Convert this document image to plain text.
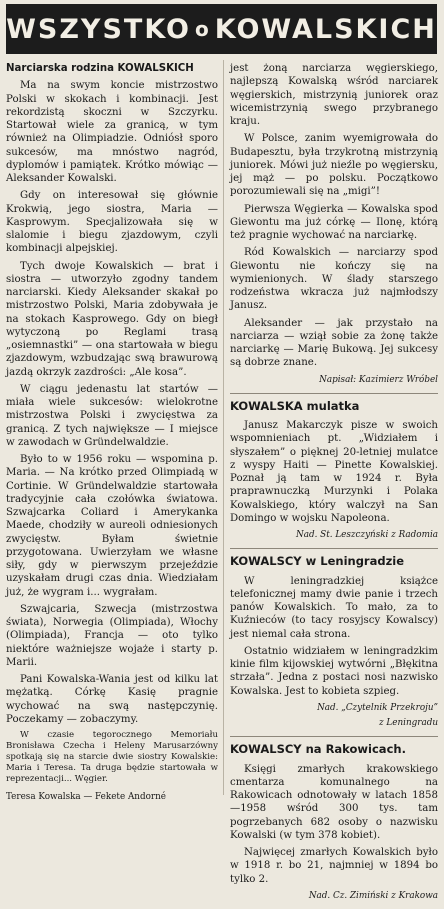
WSZYSTKO o KOWALSKICH
Narciarska rodzina KOWALSKICH

Ma na swym koncie mistrzostwo Polski w skokach i kombinacji. Jest rekordzistą skoczni w Szczyrku. Startował wiele za granicą, w tym również na Olimpiadzie. Odniósł sporo sukcesów, ma mnóstwo nagród, dyplomów i pamiątek. Krótko mówiąc — Aleksander Kowalski.

Gdy on interesował się głównie Krokwią, jego siostra, Maria — Kasprowym. Specjalizowała się w slalomie i biegu zjazdowym, czyli kombinacji alpejskiej.

Tych dwoje Kowalskich — brat i siostra — utworzyło zgodny tandem narciarski. Kiedy Aleksander skakał po mistrzostwo Polski, Maria zdobywała je na stokach Kasprowego. Gdy on biegł wytyczoną po Reglami trasą „osiemnastki” — ona startowała w biegu zjazdowym, wzbudzając swą brawurową jazdą okrzyk zazdrości: „Ale kosa”.

W ciągu jedenastu lat startów — miała wiele sukcesów: wielokrotne mistrzostwa Polski i zwycięstwa za granicą. Z tych największe — I miejsce w zawodach w Gründelwaldzie.

Było to w 1956 roku — wspomina p. Maria. — Na krótko przed Olimpiadą w Cortinie. W Gründelwaldzie startowała tradycyjnie cała czołówka światowa. Szwajcarka Coliard i Amerykanka Maede, chodziły w aureoli odniesionych zwycięstw. Byłam świetnie przygotowana. Uwierzyłam we własne siły, gdy w pierwszym przejeździe uzyskałam drugi czas dnia. Wiedziałam już, że wygram i... wygrałam.

Szwajcaria, Szwecja (mistrzostwa świata), Norwegia (Olimpiada), Włochy (Olimpiada), Francja — oto tylko niektóre ważniejsze wojaże i starty p. Marii.

Pani Kowalska-Wania jest od kilku lat mężatką. Córkę Kasię pragnie wychować na swą następczynię. Poczekamy — zobaczymy.

W czasie tegorocznego Memoriału Bronisława Czecha i Heleny Marusarzówny spotkają się na starcie dwie siostry Kowalskie: Maria i Teresa. Ta druga będzie startowała w reprezentacji... Węgier.

Teresa Kowalska — Fekete Andorné

jest żoną narciarza węgierskiego, najlepszą Kowalską wśród narciarek węgierskich, mistrzynią juniorek oraz wicemistrzynią swego przybranego kraju.

W Polsce, zanim wyemigrowała do Budapesztu, była trzykrotną mistrzynią juniorek. Mówi już nieźle po węgiersku, jej mąż — po polsku. Początkowo porozumiewali się na „migi”!

Pierwsza Węgierka — Kowalska spod Giewontu ma już córkę — Ilonę, którą też pragnie wychować na narciarkę.

Ród Kowalskich — narciarzy spod Giewontu nie kończy się na wymienionych. W ślady starszego rodzeństwa wkracza już najmłodszy Janusz.

Aleksander — jak przystało na narciarza — wziął sobie za żonę także narciarkę — Marię Bukową. Jej sukcesy są dobrze znane.

Napisał: Kazimierz Wróbel

KOWALSKA mulatka

Janusz Makarczyk pisze w swoich wspomnieniach pt. „Widziałem i słyszałem” o pięknej 20-letniej mulatce z wyspy Haiti — Pinette Kowalskiej. Poznał ją tam w 1924 r. Była praprawnuczką Murzynki i Polaka Kowalskiego, który walczył na San Domingo w wojsku Napoleona.

Nad. St. Leszczyński z Radomia

KOWALSCY w Leningradzie

W leningradzkiej książce telefonicznej mamy dwie panie i trzech panów Kowalskich. To mało, za to Kuźnieców (to tacy rosyjscy Kowalscy) jest niemal cała strona.

Ostatnio widziałem w leningradzkim kinie film kijowskiej wytwórni „Błękitna strzała”. Jedna z postaci nosi nazwisko Kowalska. Jest to kobieta szpieg.

Nad. „Czytelnik Przekroju”

z Leningradu

KOWALSCY na Rakowicach.

Księgi zmarłych krakowskiego cmentarza komunalnego na Rakowicach odnotowały w latach 1858—1958 wśród 300 tys. tam pogrzebanych 682 osoby o nazwisku Kowalski (w tym 378 kobiet).

Najwięcej zmarłych Kowalskich było w 1918 r. bo 21, najmniej w 1894 bo tylko 2.

Nad. Cz. Zimiński z Krakowa
